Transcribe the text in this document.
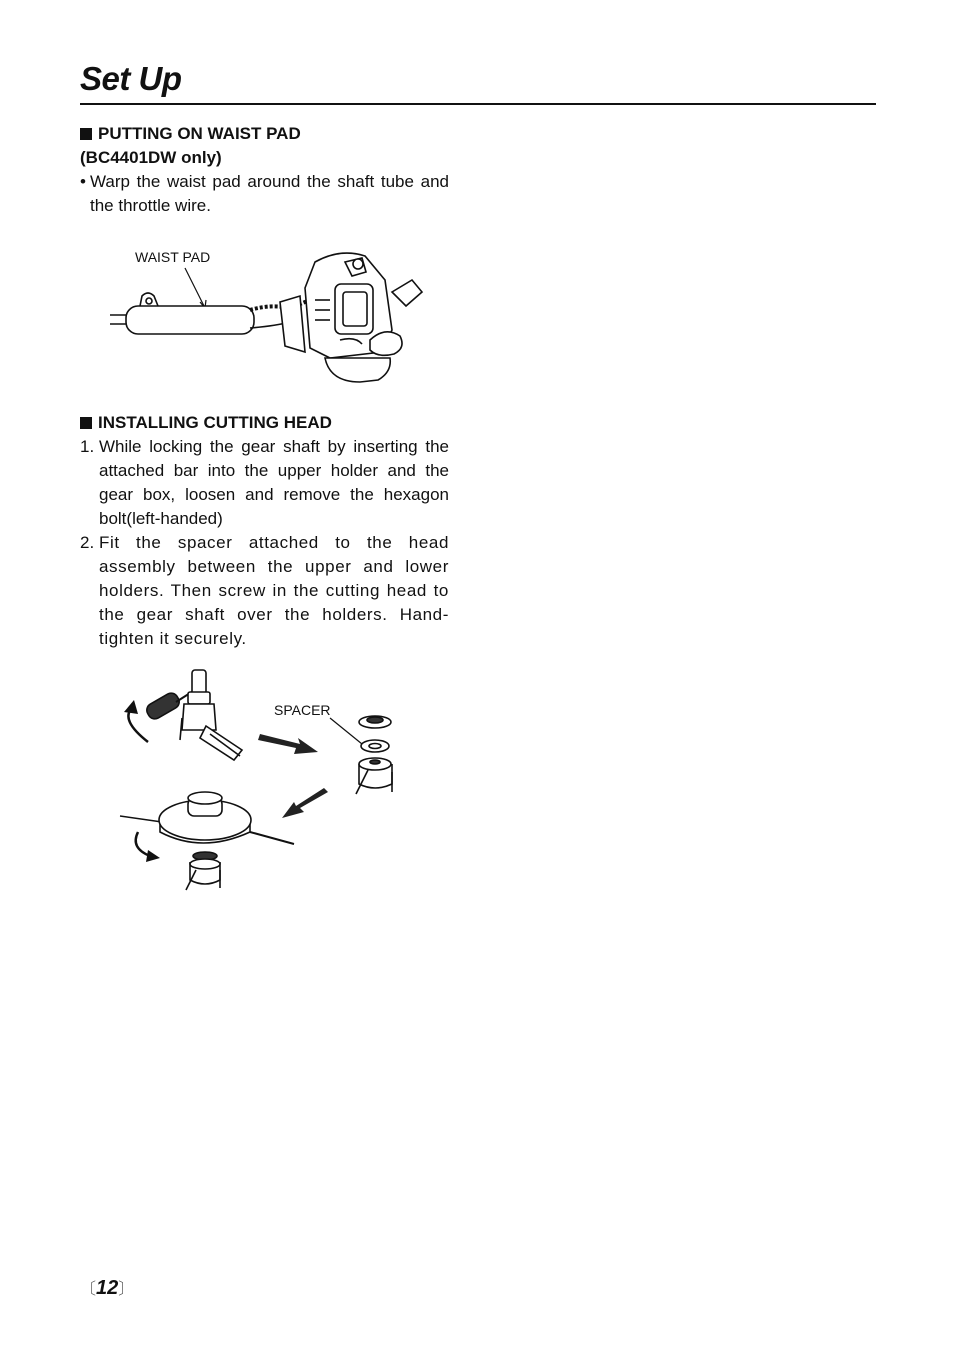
Set Up
PUTTING ON WAIST PAD
(BC4401DW only)
• Warp the waist pad around the shaft tube and the throttle wire.
WAIST PAD
INSTALLING CUTTING HEAD
1. While locking the gear shaft by inserting the attached bar into the upper holder and the gear box, loosen and remove the hexagon bolt(left-handed)
2. Fit the spacer attached to the head assembly between the upper and lower holders. Then screw in the cutting head to the gear shaft over the holders. Hand-tighten it securely.
SPACER
〔12〕
